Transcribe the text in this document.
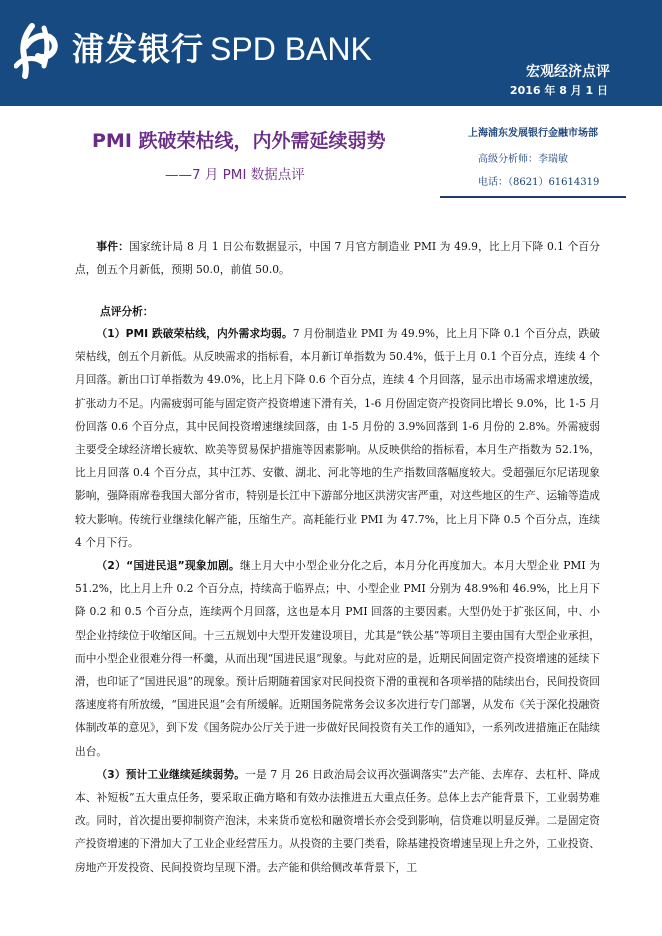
浦发银行 SPD BANK
宏观经济点评
2016 年 8 月 1 日
PMI 跌破荣枯线，内外需延续弱势
——7 月 PMI 数据点评
上海浦东发展银行金融市场部
高级分析师：李瑞敏
电话：（8621）61614319

事件：国家统计局 8 月 1 日公布数据显示，中国 7 月官方制造业 PMI 为 49.9，比上月下降 0.1 个百分点，创五个月新低，预期 50.0，前值 50.0。

点评分析：

（1）PMI 跌破荣枯线，内外需求均弱。7 月份制造业 PMI 为 49.9%，比上月下降 0.1 个百分点，跌破荣枯线，创五个月新低。从反映需求的指标看，本月新订单指数为 50.4%，低于上月 0.1 个百分点，连续 4 个月回落。新出口订单指数为 49.0%，比上月下降 0.6 个百分点，连续 4 个月回落，显示出市场需求增速放缓，扩张动力不足。内需疲弱可能与固定资产投资增速下滑有关，1-6 月份固定资产投资同比增长 9.0%，比 1-5 月份回落 0.6 个百分点，其中民间投资增速继续回落，由 1-5 月份的 3.9%回落到 1-6 月份的 2.8%。外需疲弱主要受全球经济增长疲软、欧美等贸易保护措施等因素影响。从反映供给的指标看，本月生产指数为 52.1%，比上月回落 0.4 个百分点，其中江苏、安徽、湖北、河北等地的生产指数回落幅度较大。受超强厄尔尼诺现象影响，强降雨席卷我国大部分省市，特别是长江中下游部分地区洪涝灾害严重，对这些地区的生产、运输等造成较大影响。传统行业继续化解产能，压缩生产。高耗能行业 PMI 为 47.7%，比上月下降 0.5 个百分点，连续 4 个月下行。

（2）“国进民退”现象加剧。继上月大中小型企业分化之后，本月分化再度加大。本月大型企业 PMI 为 51.2%，比上月上升 0.2 个百分点，持续高于临界点；中、小型企业 PMI 分别为 48.9%和 46.9%，比上月下降 0.2 和 0.5 个百分点，连续两个月回落，这也是本月 PMI 回落的主要因素。大型仍处于扩张区间，中、小型企业持续位于收缩区间。十三五规划中大型开发建设项目，尤其是“铁公基”等项目主要由国有大型企业承担，而中小型企业很难分得一杯羹，从而出现“国进民退”现象。与此对应的是，近期民间固定资产投资增速的延续下滑，也印证了“国进民退”的现象。预计后期随着国家对民间投资下滑的重视和各项举措的陆续出台，民间投资回落速度将有所放缓，“国进民退”会有所缓解。近期国务院常务会议多次进行专门部署，从发布《关于深化投融资体制改革的意见》，到下发《国务院办公厅关于进一步做好民间投资有关工作的通知》，一系列改进措施正在陆续出台。

（3）预计工业继续延续弱势。一是 7 月 26 日政治局会议再次强调落实“去产能、去库存、去杠杆、降成本、补短板”五大重点任务，要采取正确方略和有效办法推进五大重点任务。总体上去产能背景下，工业弱势难改。同时，首次提出要抑制资产泡沫，未来货币宽松和融资增长亦会受到影响，信贷难以明显反弹。二是固定资产投资增速的下滑加大了工业企业经营压力。从投资的主要门类看，除基建投资增速呈现上升之外，工业投资、房地产开发投资、民间投资均呈现下滑。去产能和供给侧改革背景下，工
